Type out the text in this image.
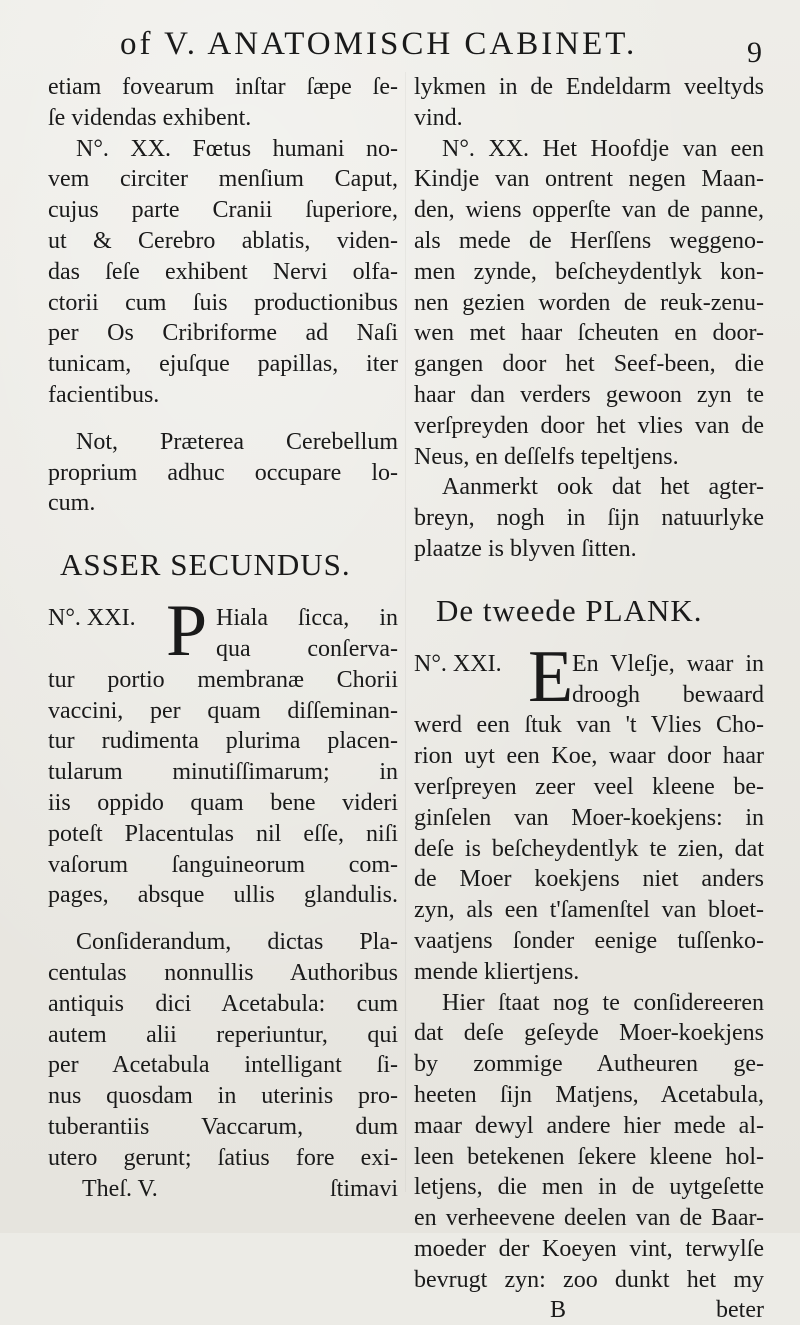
of V. ANATOMISCH CABINET.	9
etiam fovearum inſtar ſæpe ſe-
ſe videndas exhibent.
N°. XX. Fœtus humani no-
vem circiter menſium Caput,
cujus parte Cranii ſuperiore,
ut & Cerebro ablatis, viden-
das ſeſe exhibent Nervi olfa-
ctorii cum ſuis productionibus
per Os Cribriforme ad Naſi
tunicam, ejuſque papillas, iter
facientibus.
Not, Præterea Cerebellum
proprium adhuc occupare lo-
cum.
ASSER SECUNDUS.
N°. XXI. P Hiala ſicca, in
qua conſerva-
tur portio membranæ Chorii
vaccini, per quam diſſeminan-
tur rudimenta plurima placen-
tularum minutiſſimarum; in
iis oppido quam bene videri
poteſt Placentulas nil eſſe, niſi
vaſorum ſanguineorum com-
pages, absque ullis glandulis.
Conſiderandum, dictas Pla-
centulas nonnullis Authoribus
antiquis dici Acetabula: cum
autem alii reperiuntur, qui
per Acetabula intelligant ſi-
nus quosdam in uterinis pro-
tuberantiis Vaccarum, dum
utero gerunt; ſatius fore exi-
Theſ. V.	ſtimavi
lykmen in de Endeldarm veeltyds
vind.
N°. XX. Het Hoofdje van een
Kindje van ontrent negen Maan-
den, wiens opperſte van de panne,
als mede de Herſſens weggeno-
men zynde, beſcheydentlyk kon-
nen gezien worden de reuk-zenu-
wen met haar ſcheuten en door-
gangen door het Seef-been, die
haar dan verders gewoon zyn te
verſpreyden door het vlies van de
Neus, en deſſelfs tepeltjens.
Aanmerkt ook dat het agter-
breyn, nogh in ſijn natuurlyke
plaatze is blyven ſitten.
De tweede PLANK.
N°. XXI. E
En Vleſje, waar in
droogh bewaard
werd een ſtuk van 't Vlies Cho-
rion uyt een Koe, waar door haar
verſpreyen zeer veel kleene be-
ginſelen van Moer-koekjens: in
deſe is beſcheydentlyk te zien, dat
de Moer koekjens niet anders
zyn, als een t'ſamenſtel van bloet-
vaatjens ſonder eenige tuſſenko-
mende kliertjens.
Hier ſtaat nog te conſidereeren
dat deſe geſeyde Moer-koekjens
by zommige Autheuren ge-
heeten ſijn Matjens, Acetabula,
maar dewyl andere hier mede al-
leen betekenen ſekere kleene hol-
letjens, die men in de uytgeſette
en verheevene deelen van de Baar-
moeder der Koeyen vint, terwylſe
bevrugt zyn: zoo dunkt het my
B	beter
